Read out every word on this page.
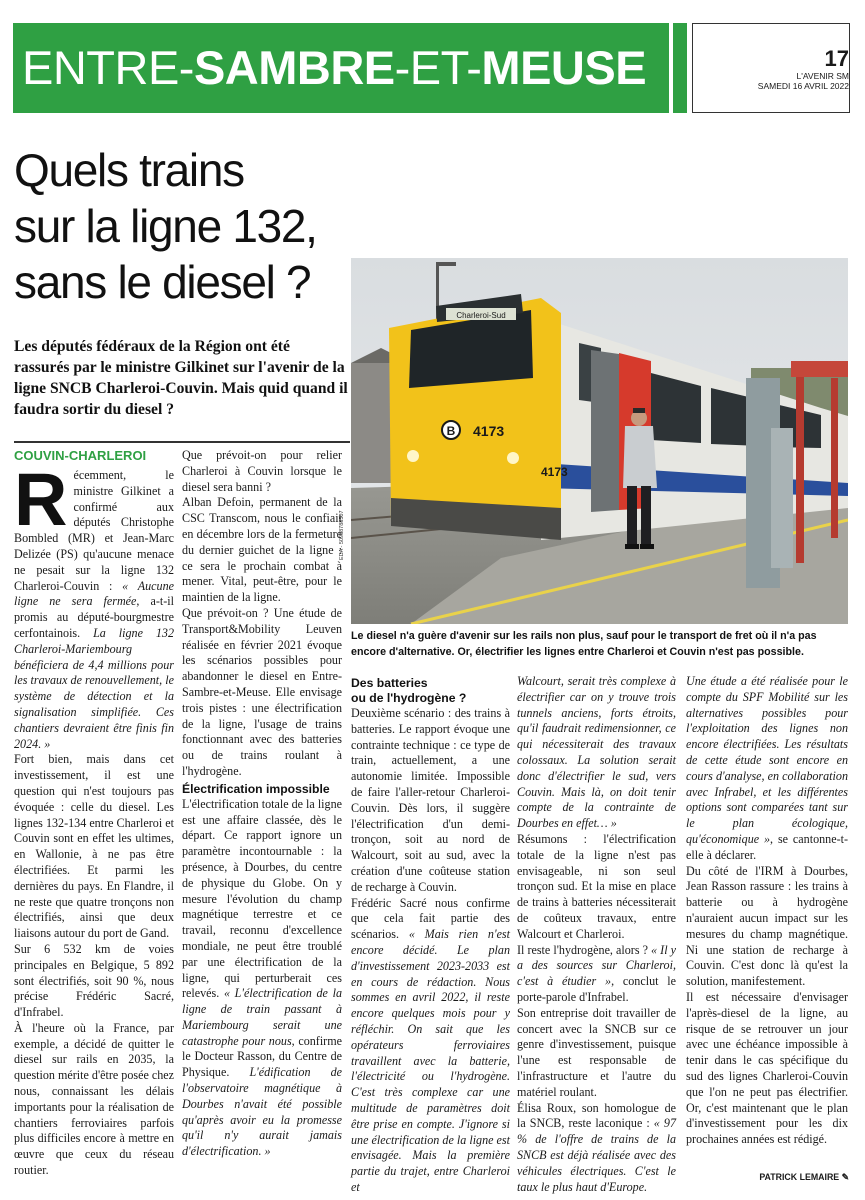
ENTRE-SAMBRE-ET-MEUSE	17
L'AVENIR SM
SAMEDI 16 AVRIL 2022
Quels trains
sur la ligne 132,
sans le diesel ?
Les députés fédéraux de la Région ont été rassurés par le ministre Gilkinet sur l'avenir de la ligne SNCB Charleroi-Couvin. Mais quid quand il faudra sortir du diesel ?
Charleroi-Sud
B 4173
4173
EDA - 50938788507
Le diesel n'a guère d'avenir sur les rails non plus, sauf pour le transport de fret où il n'a pas encore d'alternative. Or, électrifier les lignes entre Charleroi et Couvin n'est pas possible.
COUVIN-CHARLEROI

Récemment, le ministre Gilkinet a confirmé aux députés Christophe Bombled (MR) et Jean-Marc Delizée (PS) qu'aucune menace ne pesait sur la ligne 132 Charleroi-Couvin : « Aucune ligne ne sera fermée, a-t-il promis au député-bourgmestre cerfontainois. La ligne 132 Charleroi-Mariembourg bénéficiera de 4,4 millions pour les travaux de renouvellement, le système de détection et la signalisation simplifiée. Ces chantiers devraient être finis fin 2024. »

Fort bien, mais dans cet investissement, il est une question qui n'est toujours pas évoquée : celle du diesel. Les lignes 132-134 entre Charleroi et Couvin sont en effet les ultimes, en Wallonie, à ne pas être électrifiées. Et parmi les dernières du pays. En Flandre, il ne reste que quatre tronçons non électrifiés, ainsi que deux liaisons autour du port de Gand.

Sur 6 532 km de voies principales en Belgique, 5 892 sont électrifiés, soit 90 %, nous précise Frédéric Sacré, d'Infrabel.

À l'heure où la France, par exemple, a décidé de quitter le diesel sur rails en 2035, la question mérite d'être posée chez nous, connaissant les délais importants pour la réalisation de chantiers ferroviaires parfois plus difficiles encore à mettre en œuvre que ceux du réseau routier.

Que prévoit-on pour relier Charleroi à Couvin lorsque le diesel sera banni ?

Alban Defoin, permanent de la CSC Transcom, nous le confiait en décembre lors de la fermeture du dernier guichet de la ligne : ce sera le prochain combat à mener. Vital, peut-être, pour le maintien de la ligne.

Que prévoit-on ? Une étude de Transport&Mobility Leuven réalisée en février 2021 évoque les scénarios possibles pour abandonner le diesel en Entre-Sambre-et-Meuse. Elle envisage trois pistes : une électrification de la ligne, l'usage de trains fonctionnant avec des batteries ou de trains roulant à l'hydrogène.

Électrification impossible

L'électrification totale de la ligne est une affaire classée, dès le départ. Ce rapport ignore un paramètre incontournable : la présence, à Dourbes, du centre de physique du Globe. On y mesure l'évolution du champ magnétique terrestre et ce travail, reconnu d'excellence mondiale, ne peut être troublé par une électrification de la ligne, qui perturberait ces relevés. « L'électrification de la ligne de train passant à Mariembourg serait une catastrophe pour nous, confirme le Docteur Rasson, du Centre de Physique. L'édification de l'observatoire magnétique à Dourbes n'avait été possible qu'après avoir eu la promesse qu'il n'y aurait jamais d'électrification. »

Des batteries
ou de l'hydrogène ?

Deuxième scénario : des trains à batteries. Le rapport évoque une contrainte technique : ce type de train, actuellement, a une autonomie limitée. Impossible de faire l'aller-retour Charleroi-Couvin. Dès lors, il suggère l'électrification d'un demi-tronçon, soit au nord de Walcourt, soit au sud, avec la création d'une coûteuse station de recharge à Couvin.

Frédéric Sacré nous confirme que cela fait partie des scénarios. « Mais rien n'est encore décidé. Le plan d'investissement 2023-2033 est en cours de rédaction. Nous sommes en avril 2022, il reste encore quelques mois pour y réfléchir. On sait que les opérateurs ferroviaires travaillent avec la batterie, l'électricité ou l'hydrogène. C'est très complexe car une multitude de paramètres doit être prise en compte. J'ignore si une électrification de la ligne est envisagée. Mais la première partie du trajet, entre Charleroi et

Walcourt, serait très complexe à électrifier car on y trouve trois tunnels anciens, forts étroits, qu'il faudrait redimensionner, ce qui nécessiterait des travaux colossaux. La solution serait donc d'électrifier le sud, vers Couvin. Mais là, on doit tenir compte de la contrainte de Dourbes en effet… »

Résumons : l'électrification totale de la ligne n'est pas envisageable, ni son seul tronçon sud. Et la mise en place de trains à batteries nécessiterait de coûteux travaux, entre Walcourt et Charleroi.

Il reste l'hydrogène, alors ? « Il y a des sources sur Charleroi, c'est à étudier », conclut le porte-parole d'Infrabel.

Son entreprise doit travailler de concert avec la SNCB sur ce genre d'investissement, puisque l'une est responsable de l'infrastructure et l'autre du matériel roulant.

Élisa Roux, son homologue de la SNCB, reste laconique : « 97 % de l'offre de trains de la SNCB est déjà réalisée avec des véhicules électriques. C'est le taux le plus haut d'Europe.

Une étude a été réalisée pour le compte du SPF Mobilité sur les alternatives possibles pour l'exploitation des lignes non encore électrifiées. Les résultats de cette étude sont encore en cours d'analyse, en collaboration avec Infrabel, et les différentes options sont comparées tant sur le plan écologique, qu'économique », se cantonne-t-elle à déclarer.

Du côté de l'IRM à Dourbes, Jean Rasson rassure : les trains à batterie ou à hydrogène n'auraient aucun impact sur les mesures du champ magnétique. Ni une station de recharge à Couvin. C'est donc là qu'est la solution, manifestement.

Il est nécessaire d'envisager l'après-diesel de la ligne, au risque de se retrouver un jour avec une échéance impossible à tenir dans le cas spécifique du sud des lignes Charleroi-Couvin que l'on ne peut pas électrifier. Or, c'est maintenant que le plan d'investissement pour les dix prochaines années est rédigé.

PATRICK LEMAIRE ✎
